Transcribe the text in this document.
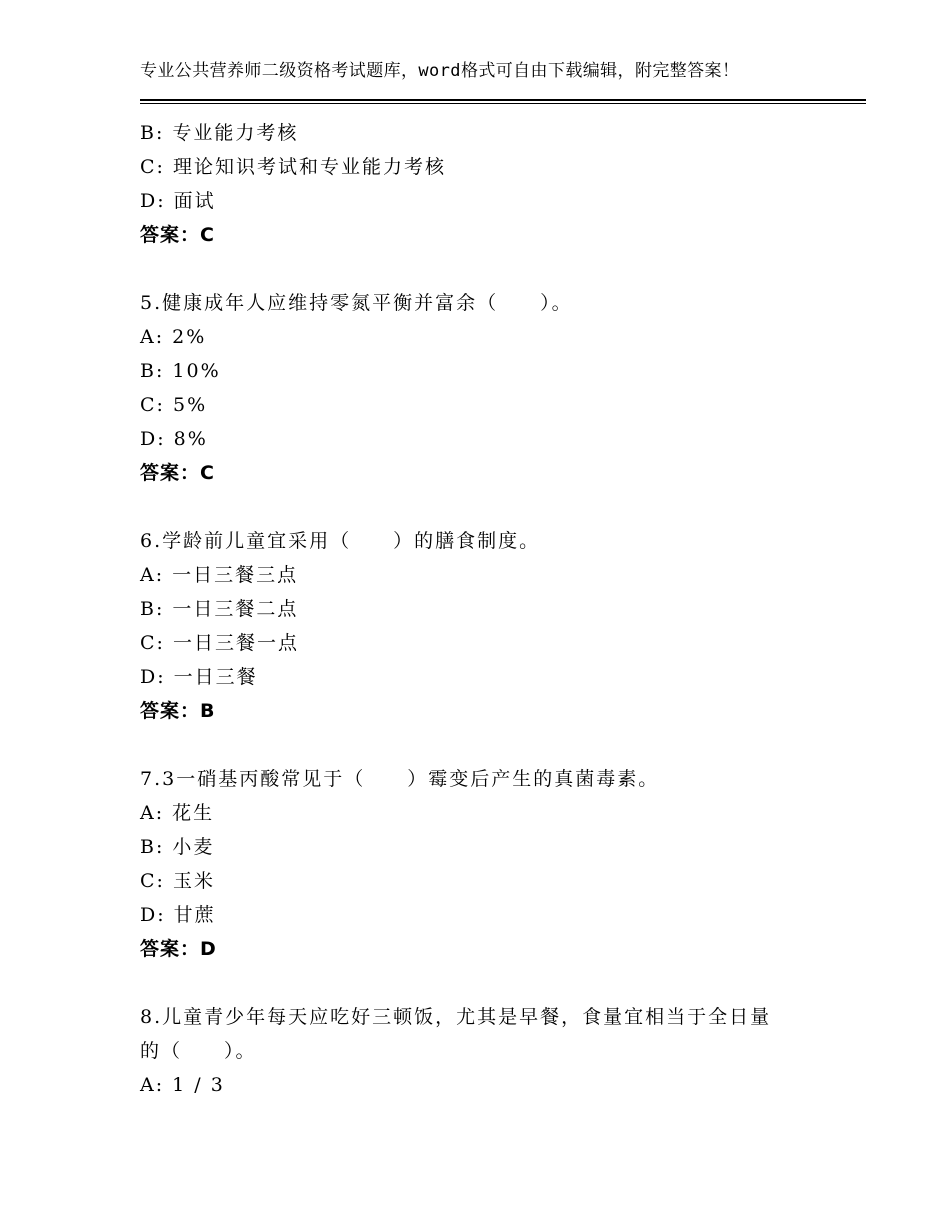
专业公共营养师二级资格考试题库，word格式可自由下载编辑，附完整答案！
B: 专业能力考核
C: 理论知识考试和专业能力考核
D: 面试
答案：C
5.健康成年人应维持零氮平衡并富余（　　）。
A: 2%
B: 10%
C: 5%
D: 8%
答案：C
6.学龄前儿童宜采用（　　）的膳食制度。
A: 一日三餐三点
B: 一日三餐二点
C: 一日三餐一点
D: 一日三餐
答案：B
7.3一硝基丙酸常见于（　　）霉变后产生的真菌毒素。
A: 花生
B: 小麦
C: 玉米
D: 甘蔗
答案：D
8.儿童青少年每天应吃好三顿饭，尤其是早餐，食量宜相当于全日量
的（　　）。
A: 1 / 3
